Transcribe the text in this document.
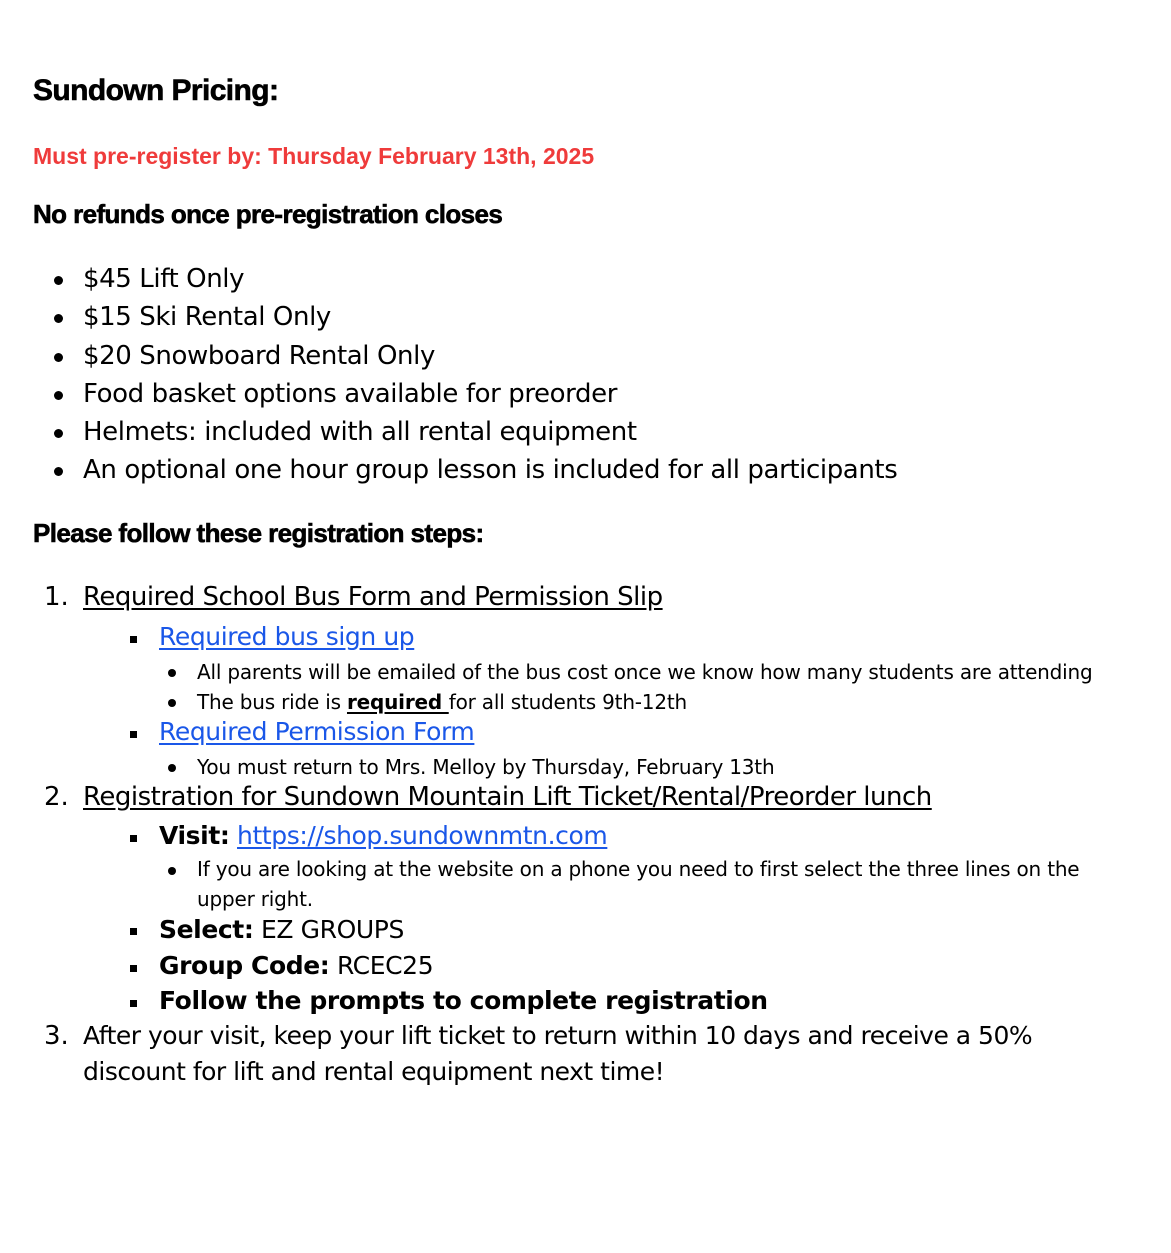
Sundown Pricing:

Must pre-register by: Thursday February 13th, 2025

No refunds once pre-registration closes
$45 Lift Only
$15 Ski Rental Only
$20 Snowboard Rental Only
Food basket options available for preorder
Helmets: included with all rental equipment
An optional one hour group lesson is included for all participants
Please follow these registration steps:
1. Required School Bus Form and Permission Slip
Required bus sign up
All parents will be emailed of the bus cost once we know how many students are attending
The bus ride is required for all students 9th-12th
Required Permission Form
You must return to Mrs. Melloy by Thursday, February 13th
2. Registration for Sundown Mountain Lift Ticket/Rental/Preorder lunch
Visit: https://shop.sundownmtn.com
If you are looking at the website on a phone you need to first select the three lines on the
upper right.
Select: EZ GROUPS
Group Code: RCEC25
Follow the prompts to complete registration
3. After your visit, keep your lift ticket to return within 10 days and receive a 50%
discount for lift and rental equipment next time!
